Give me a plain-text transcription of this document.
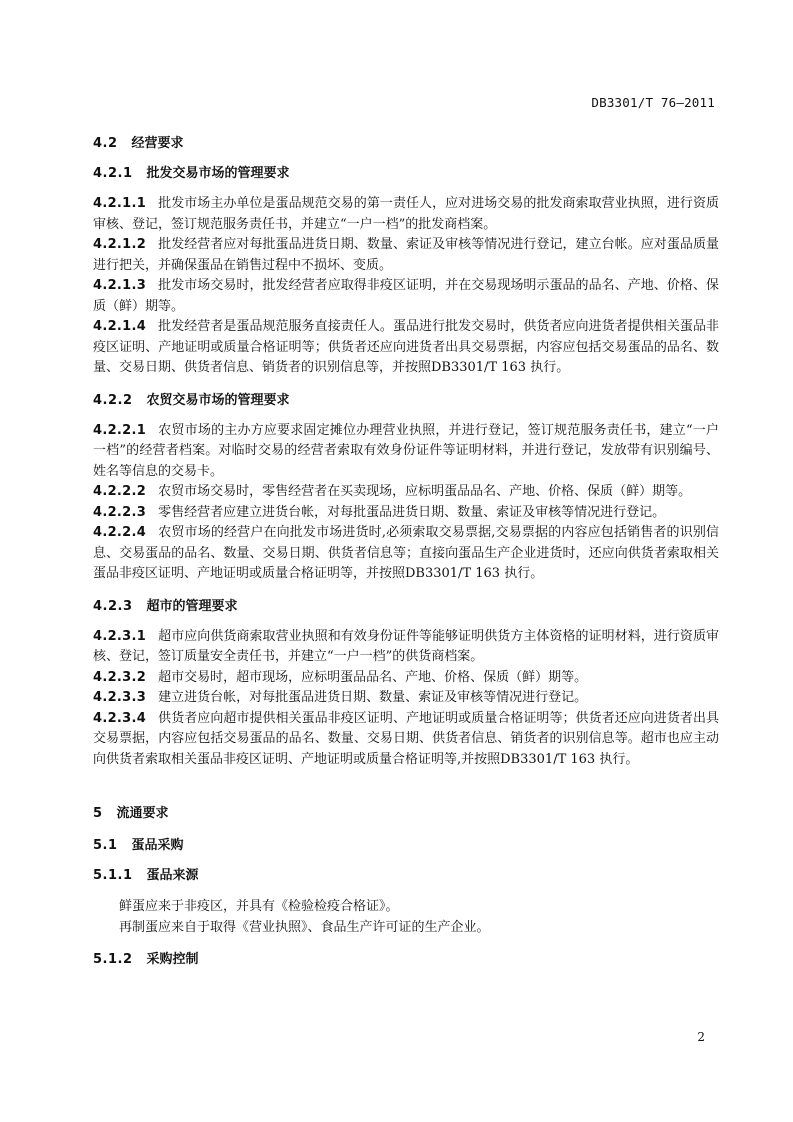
DB3301/T 76—2011
4.2 经营要求
4.2.1 批发交易市场的管理要求

4.2.1.1 批发市场主办单位是蛋品规范交易的第一责任人，应对进场交易的批发商索取营业执照，进行资质审核、登记，签订规范服务责任书，并建立“一户一档”的批发商档案。

4.2.1.2 批发经营者应对每批蛋品进货日期、数量、索证及审核等情况进行登记，建立台帐。应对蛋品质量进行把关，并确保蛋品在销售过程中不损坏、变质。

4.2.1.3 批发市场交易时，批发经营者应取得非疫区证明，并在交易现场明示蛋品的品名、产地、价格、保质（鲜）期等。

4.2.1.4 批发经营者是蛋品规范服务直接责任人。蛋品进行批发交易时，供货者应向进货者提供相关蛋品非疫区证明、产地证明或质量合格证明等；供货者还应向进货者出具交易票据，内容应包括交易蛋品的品名、数量、交易日期、供货者信息、销货者的识别信息等，并按照DB3301/T 163 执行。

4.2.2 农贸交易市场的管理要求

4.2.2.1 农贸市场的主办方应要求固定摊位办理营业执照，并进行登记，签订规范服务责任书，建立“一户一档”的经营者档案。对临时交易的经营者索取有效身份证件等证明材料，并进行登记，发放带有识别编号、姓名等信息的交易卡。

4.2.2.2 农贸市场交易时，零售经营者在买卖现场，应标明蛋品品名、产地、价格、保质（鲜）期等。

4.2.2.3 零售经营者应建立进货台帐，对每批蛋品进货日期、数量、索证及审核等情况进行登记。

4.2.2.4 农贸市场的经营户在向批发市场进货时,必须索取交易票据,交易票据的内容应包括销售者的识别信息、交易蛋品的品名、数量、交易日期、供货者信息等；直接向蛋品生产企业进货时，还应向供货者索取相关蛋品非疫区证明、产地证明或质量合格证明等，并按照DB3301/T 163 执行。

4.2.3 超市的管理要求

4.2.3.1 超市应向供货商索取营业执照和有效身份证件等能够证明供货方主体资格的证明材料，进行资质审核、登记，签订质量安全责任书，并建立“一户一档”的供货商档案。

4.2.3.2 超市交易时，超市现场，应标明蛋品品名、产地、价格、保质（鲜）期等。

4.2.3.3 建立进货台帐，对每批蛋品进货日期、数量、索证及审核等情况进行登记。

4.2.3.4 供货者应向超市提供相关蛋品非疫区证明、产地证明或质量合格证明等；供货者还应向进货者出具交易票据，内容应包括交易蛋品的品名、数量、交易日期、供货者信息、销货者的识别信息等。超市也应主动向供货者索取相关蛋品非疫区证明、产地证明或质量合格证明等,并按照DB3301/T 163 执行。

5 流通要求
5.1 蛋品采购
5.1.1 蛋品来源

鲜蛋应来于非疫区，并具有《检验检疫合格证》。

再制蛋应来自于取得《营业执照》、食品生产许可证的生产企业。

5.1.2 采购控制
2
